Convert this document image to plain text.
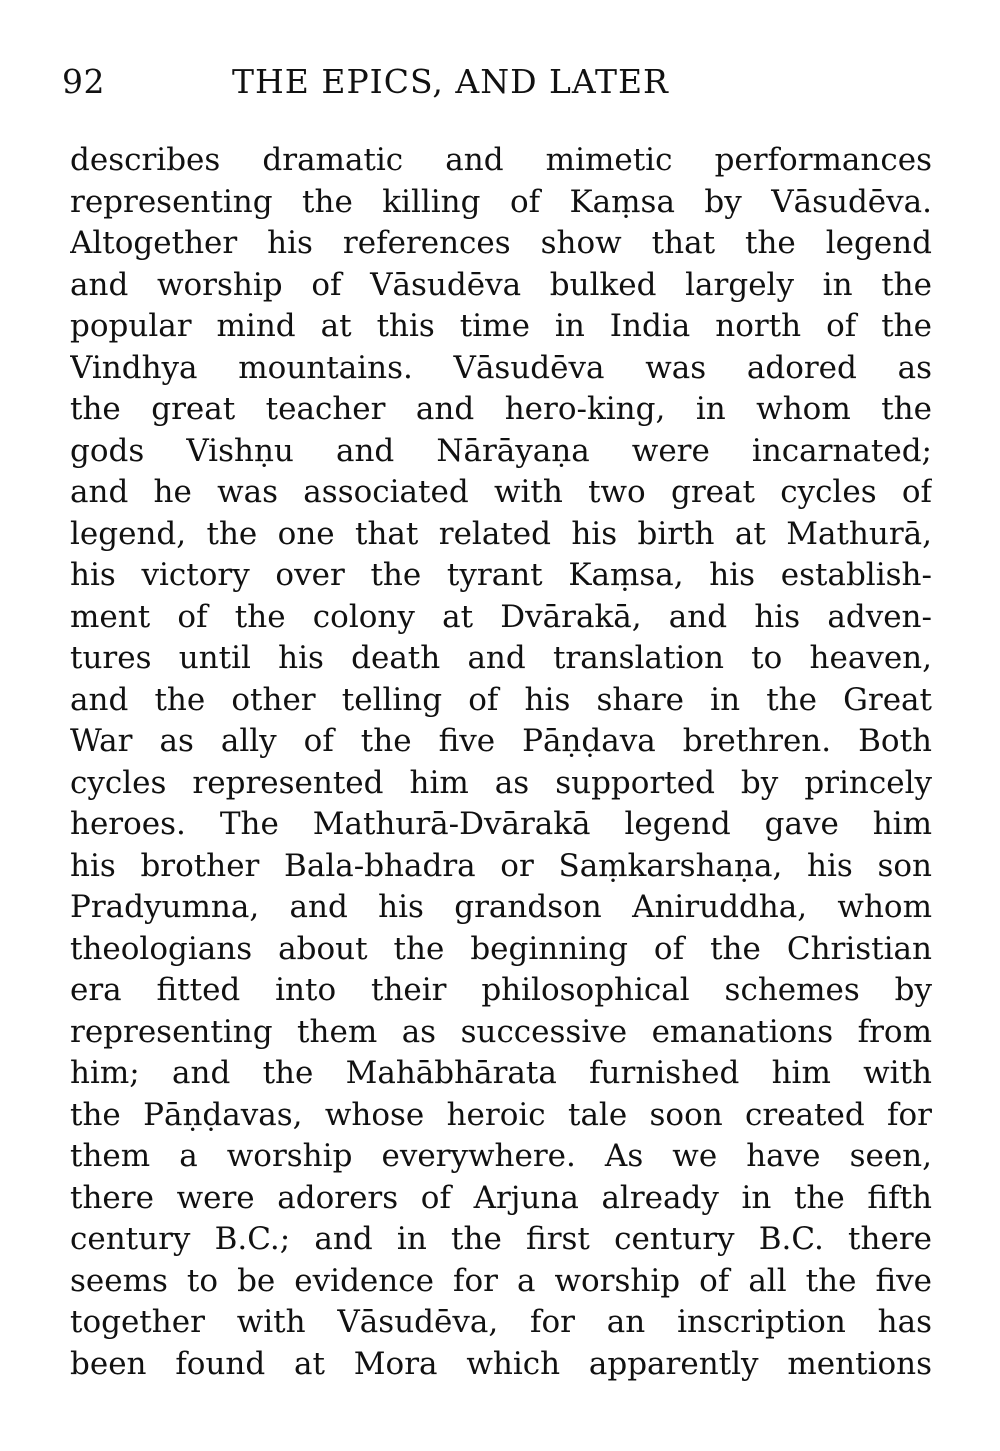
92	THE EPICS, AND LATER
describes dramatic and mimetic performances
representing the killing of Kaṃsa by Vāsudēva.
Altogether his references show that the legend
and worship of Vāsudēva bulked largely in the
popular mind at this time in India north of the
Vindhya mountains. Vāsudēva was adored as
the great teacher and hero-king, in whom the
gods Vishṇu and Nārāyaṇa were incarnated;
and he was associated with two great cycles of
legend, the one that related his birth at Mathurā,
his victory over the tyrant Kaṃsa, his establish-
ment of the colony at Dvārakā, and his adven-
tures until his death and translation to heaven,
and the other telling of his share in the Great
War as ally of the five Pāṇḍava brethren. Both
cycles represented him as supported by princely
heroes. The Mathurā-Dvārakā legend gave him
his brother Bala-bhadra or Saṃkarshaṇa, his son
Pradyumna, and his grandson Aniruddha, whom
theologians about the beginning of the Christian
era fitted into their philosophical schemes by
representing them as successive emanations from
him; and the Mahābhārata furnished him with
the Pāṇḍavas, whose heroic tale soon created for
them a worship everywhere. As we have seen,
there were adorers of Arjuna already in the fifth
century B.C.; and in the first century B.C. there
seems to be evidence for a worship of all the five
together with Vāsudēva, for an inscription has
been found at Mora which apparently mentions
